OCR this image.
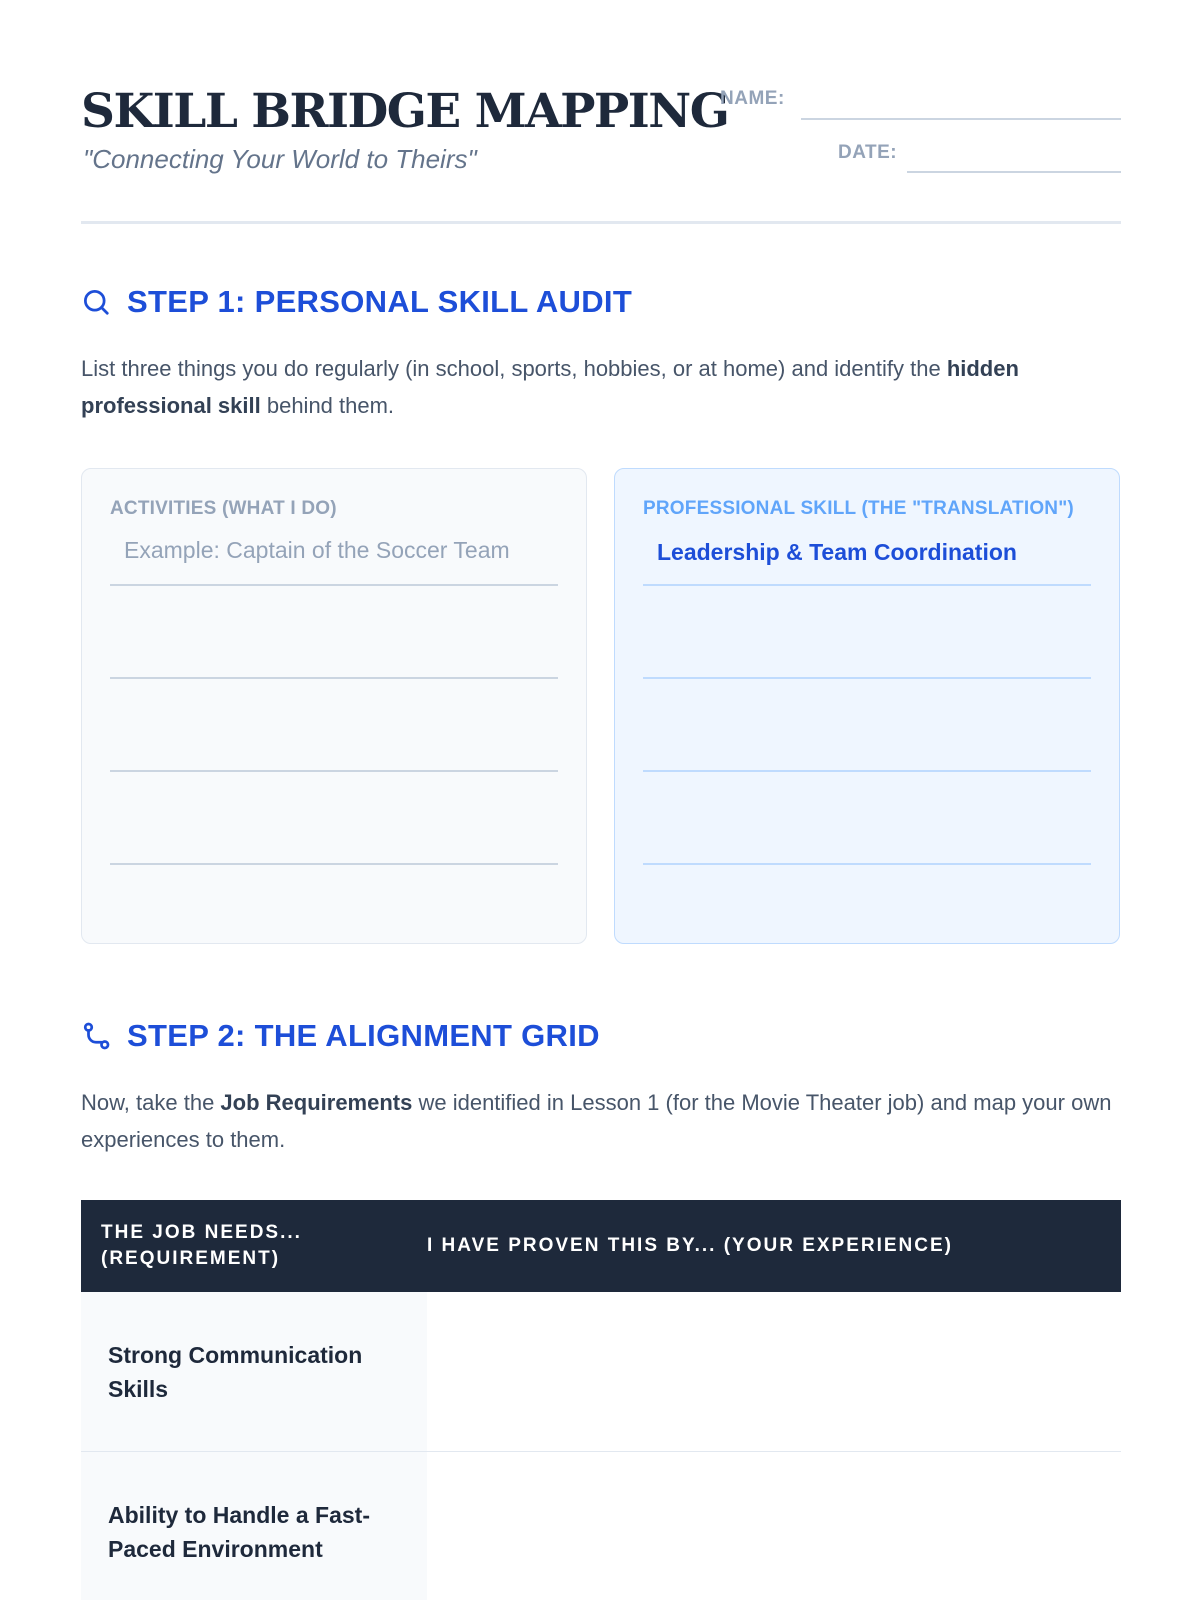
SKILL BRIDGE MAPPING
"Connecting Your World to Theirs"
NAME:
DATE:
STEP 1: PERSONAL SKILL AUDIT

List three things you do regularly (in school, sports, hobbies, or at home) and identify the hidden professional skill behind them.

ACTIVITIES (WHAT I DO)
Example: Captain of the Soccer Team
PROFESSIONAL SKILL (THE "TRANSLATION")
Leadership & Team Coordination
STEP 2: THE ALIGNMENT GRID

Now, take the Job Requirements we identified in Lesson 1 (for the Movie Theater job) and map your own experiences to them.

THE JOB NEEDS... (REQUIREMENT)
I HAVE PROVEN THIS BY... (YOUR EXPERIENCE)
Strong Communication Skills
Ability to Handle a Fast-Paced Environment
